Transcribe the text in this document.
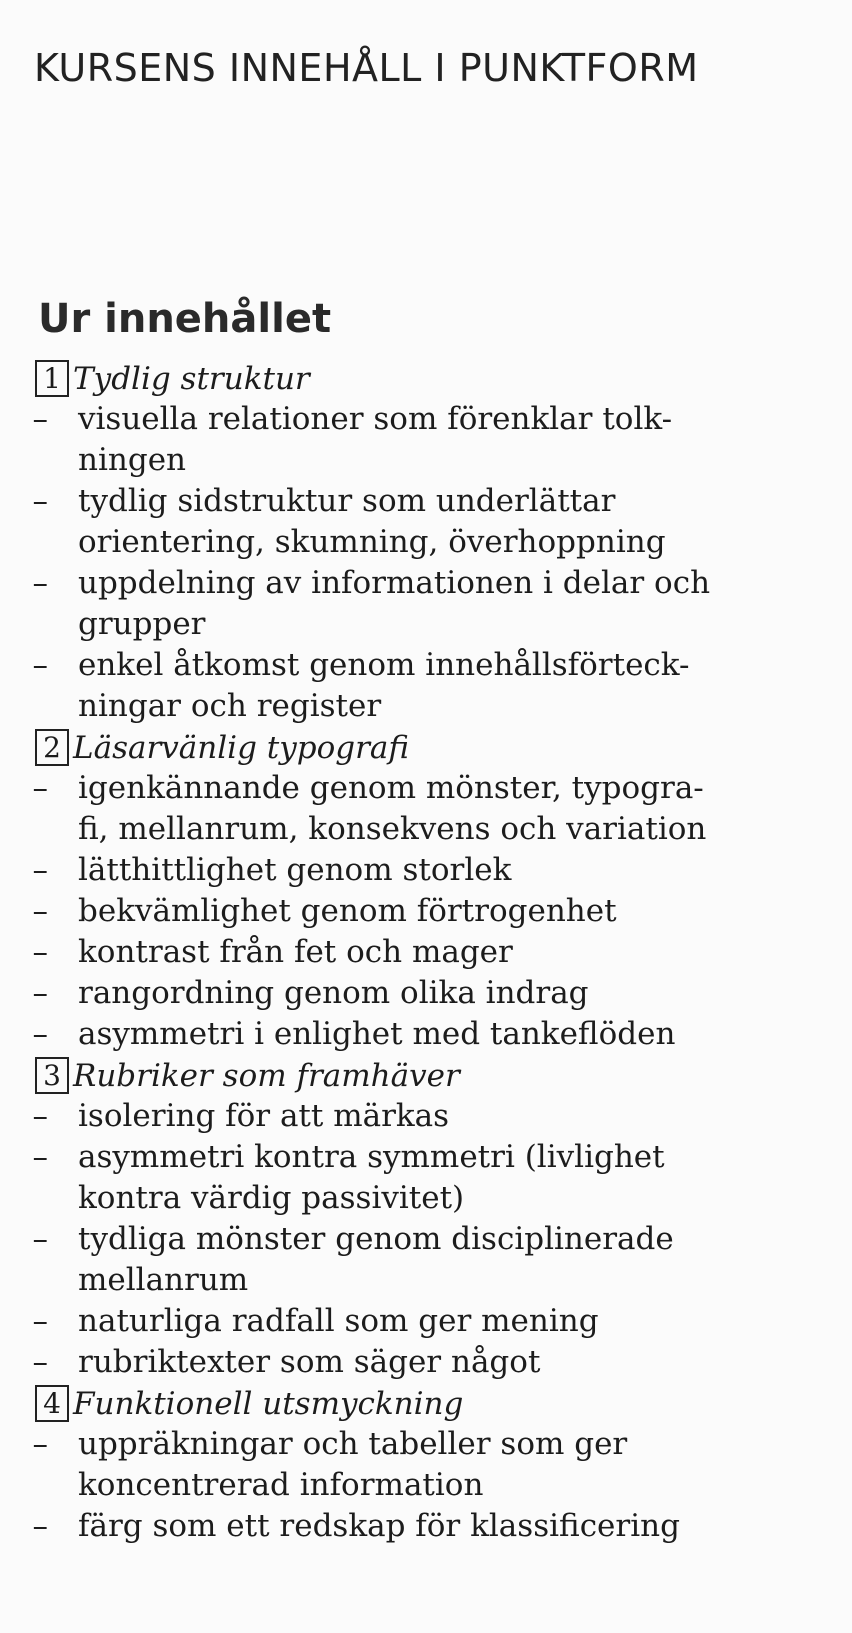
KURSENS INNEHÅLL I PUNKTFORM
Ur innehållet
1 Tydlig struktur
– visuella relationer som förenklar tolk-
ningen
– tydlig sidstruktur som underlättar
orientering, skumning, överhoppning
– uppdelning av informationen i delar och
grupper
– enkel åtkomst genom innehållsförteck-
ningar och register
2 Läsarvänlig typografi
– igenkännande genom mönster, typogra-
fi, mellanrum, konsekvens och variation
– lätthittlighet genom storlek
– bekvämlighet genom förtrogenhet
– kontrast från fet och mager
– rangordning genom olika indrag
– asymmetri i enlighet med tankeflöden
3 Rubriker som framhäver
– isolering för att märkas
– asymmetri kontra symmetri (livlighet
kontra värdig passivitet)
– tydliga mönster genom disciplinerade
mellanrum
– naturliga radfall som ger mening
– rubriktexter som säger något
4 Funktionell utsmyckning
– uppräkningar och tabeller som ger
koncentrerad information
– färg som ett redskap för klassificering
